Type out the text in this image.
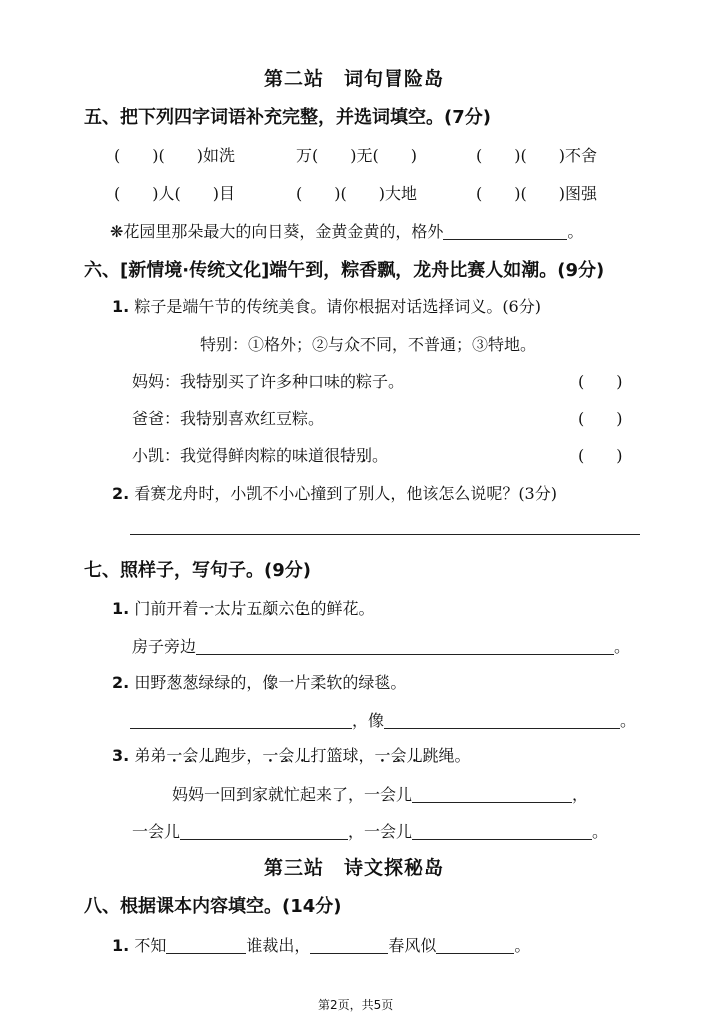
第二站　词句冒险岛
五、把下列四字词语补充完整，并选词填空。(7分)
(　　)(　　)如洗	万(　　)无(　　)	(　　)(　　)不舍
(　　)人(　　)目	(　　)(　　)大地	(　　)(　　)图强
❋花园里那朵最大的向日葵，金黄金黄的，格外	。
六、[新情境·传统文化]端午到，粽香飘，龙舟比赛人如潮。(9分)
1. 粽子是端午节的传统美食。请你根据对话选择词义。(6分)
特别：①格外；②与众不同，不普通；③特地。
妈妈：我特别买了许多种口味的粽子。	(　　)
爸爸：我特别喜欢红豆粽。	(　　)
小凯：我觉得鲜肉粽的味道很特别。	(　　)
2. 看赛龙舟时，小凯不小心撞到了别人，他该怎么说呢？(3分)
七、照样子，写句子。(9分)
1. 门前开着一大片五颜六色的鲜花。
房子旁边	。
2. 田野葱葱绿绿的，像一片柔软的绿毯。
，像	。
3. 弟弟一会儿跑步，一会儿打篮球，一会儿跳绳。
妈妈一回到家就忙起来了，一会儿	，
一会儿	，一会儿	。
第三站　诗文探秘岛
八、根据课本内容填空。(14分)
1. 不知	谁裁出，	春风似	。
第2页，共5页
